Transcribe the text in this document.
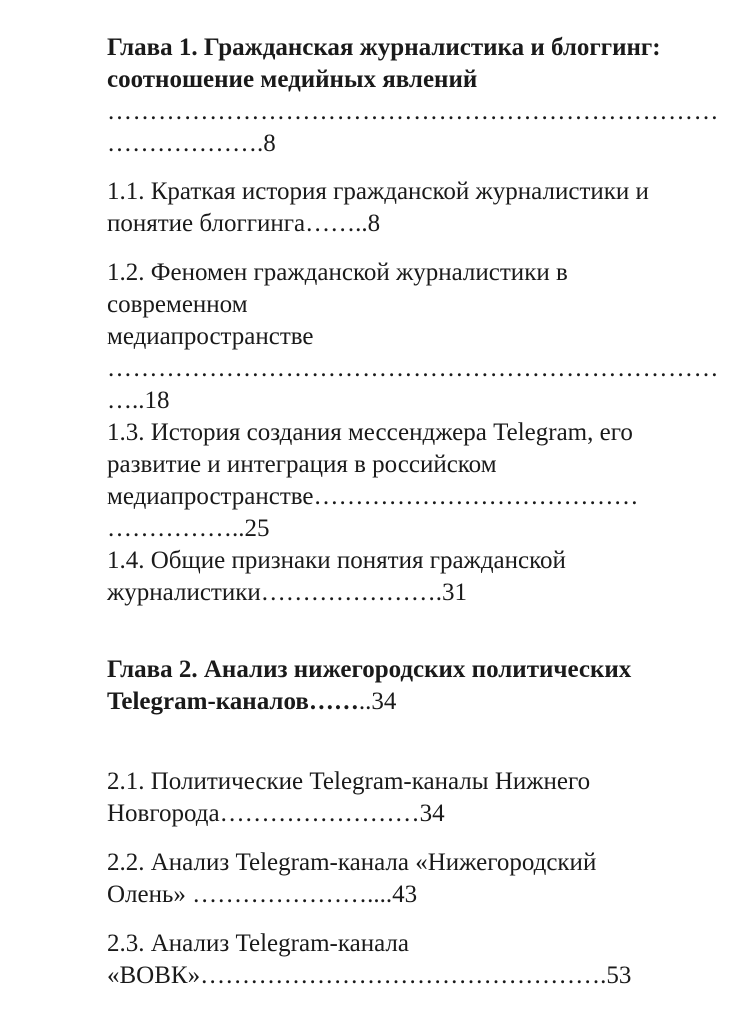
Глава 1. Гражданская журналистика и блоггинг:
соотношение медийных явлений
………………………………………………………………
……………….8
1.1. Краткая история гражданской журналистики и
понятие блоггинга……..8
1.2. Феномен гражданской журналистики в
современном
медиапространстве
………………………………………………………………
…..18
1.3. История создания мессенджера Telegram, его
развитие и интеграция в российском
медиапространстве…………………………………
……………..25
1.4. Общие признаки понятия гражданской
журналистики………………….31
Глава 2. Анализ нижегородских политических
Telegram-каналов……..34
2.1. Политические Telegram-каналы Нижнего
Новгорода……………………34
2.2. Анализ Telegram-канала «Нижегородский
Олень» …………………....43
2.3. Анализ Telegram-канала
«ВОВК»………………………………………….53
